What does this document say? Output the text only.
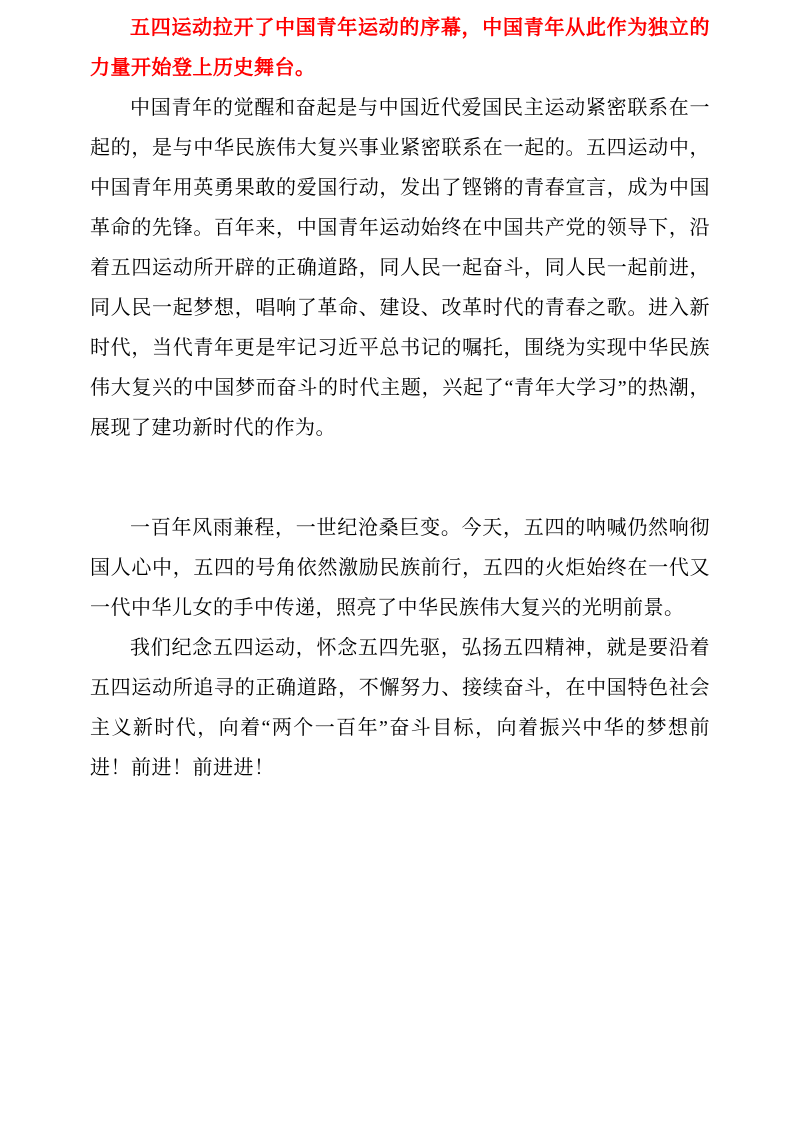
五四运动拉开了中国青年运动的序幕，中国青年从此作为独立的力量开始登上历史舞台。

中国青年的觉醒和奋起是与中国近代爱国民主运动紧密联系在一起的，是与中华民族伟大复兴事业紧密联系在一起的。五四运动中，中国青年用英勇果敢的爱国行动，发出了铿锵的青春宣言，成为中国革命的先锋。百年来，中国青年运动始终在中国共产党的领导下，沿着五四运动所开辟的正确道路，同人民一起奋斗，同人民一起前进，同人民一起梦想，唱响了革命、建设、改革时代的青春之歌。进入新时代，当代青年更是牢记习近平总书记的嘱托，围绕为实现中华民族伟大复兴的中国梦而奋斗的时代主题，兴起了“青年大学习”的热潮，展现了建功新时代的作为。

一百年风雨兼程，一世纪沧桑巨变。今天，五四的呐喊仍然响彻国人心中，五四的号角依然激励民族前行，五四的火炬始终在一代又一代中华儿女的手中传递，照亮了中华民族伟大复兴的光明前景。

我们纪念五四运动，怀念五四先驱，弘扬五四精神，就是要沿着五四运动所追寻的正确道路，不懈努力、接续奋斗，在中国特色社会主义新时代，向着“两个一百年”奋斗目标，向着振兴中华的梦想前进！前进！前进进！
